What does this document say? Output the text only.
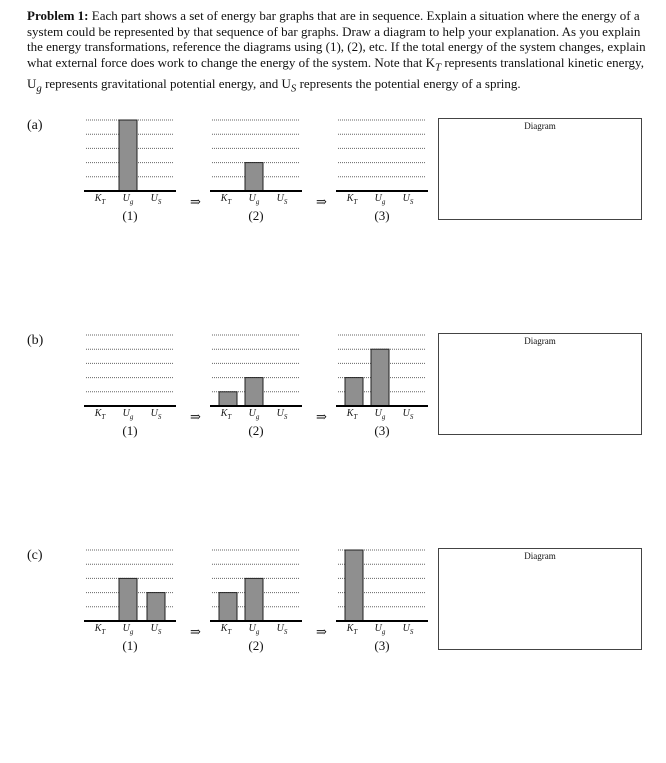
Problem 1: Each part shows a set of energy bar graphs that are in sequence. Explain a situation where the energy of a system could be represented by that sequence of bar graphs. Draw a diagram to help your explanation. As you explain the energy transformations, reference the diagrams using (1), (2), etc. If the total energy of the system changes, explain what external force does work to change the energy of the system. Note that $K_T$ represents translational kinetic energy, $U_g$ represents gravitational potential energy, and $U_S$ represents the potential energy of a spring.
(a)
$K_T$	$U_g$	$U_S$
(1)
$K_T$	$U_g$	$U_S$
(2)
$K_T$	$U_g$	$U_S$
(3)
⇒	⇒
Diagram
(b)
$K_T$	$U_g$	$U_S$
(1)
$K_T$	$U_g$	$U_S$
(2)
$K_T$	$U_g$	$U_S$
(3)
⇒	⇒
Diagram
(c)
$K_T$	$U_g$	$U_S$
(1)
$K_T$	$U_g$	$U_S$
(2)
$K_T$	$U_g$	$U_S$
(3)
⇒	⇒
Diagram
